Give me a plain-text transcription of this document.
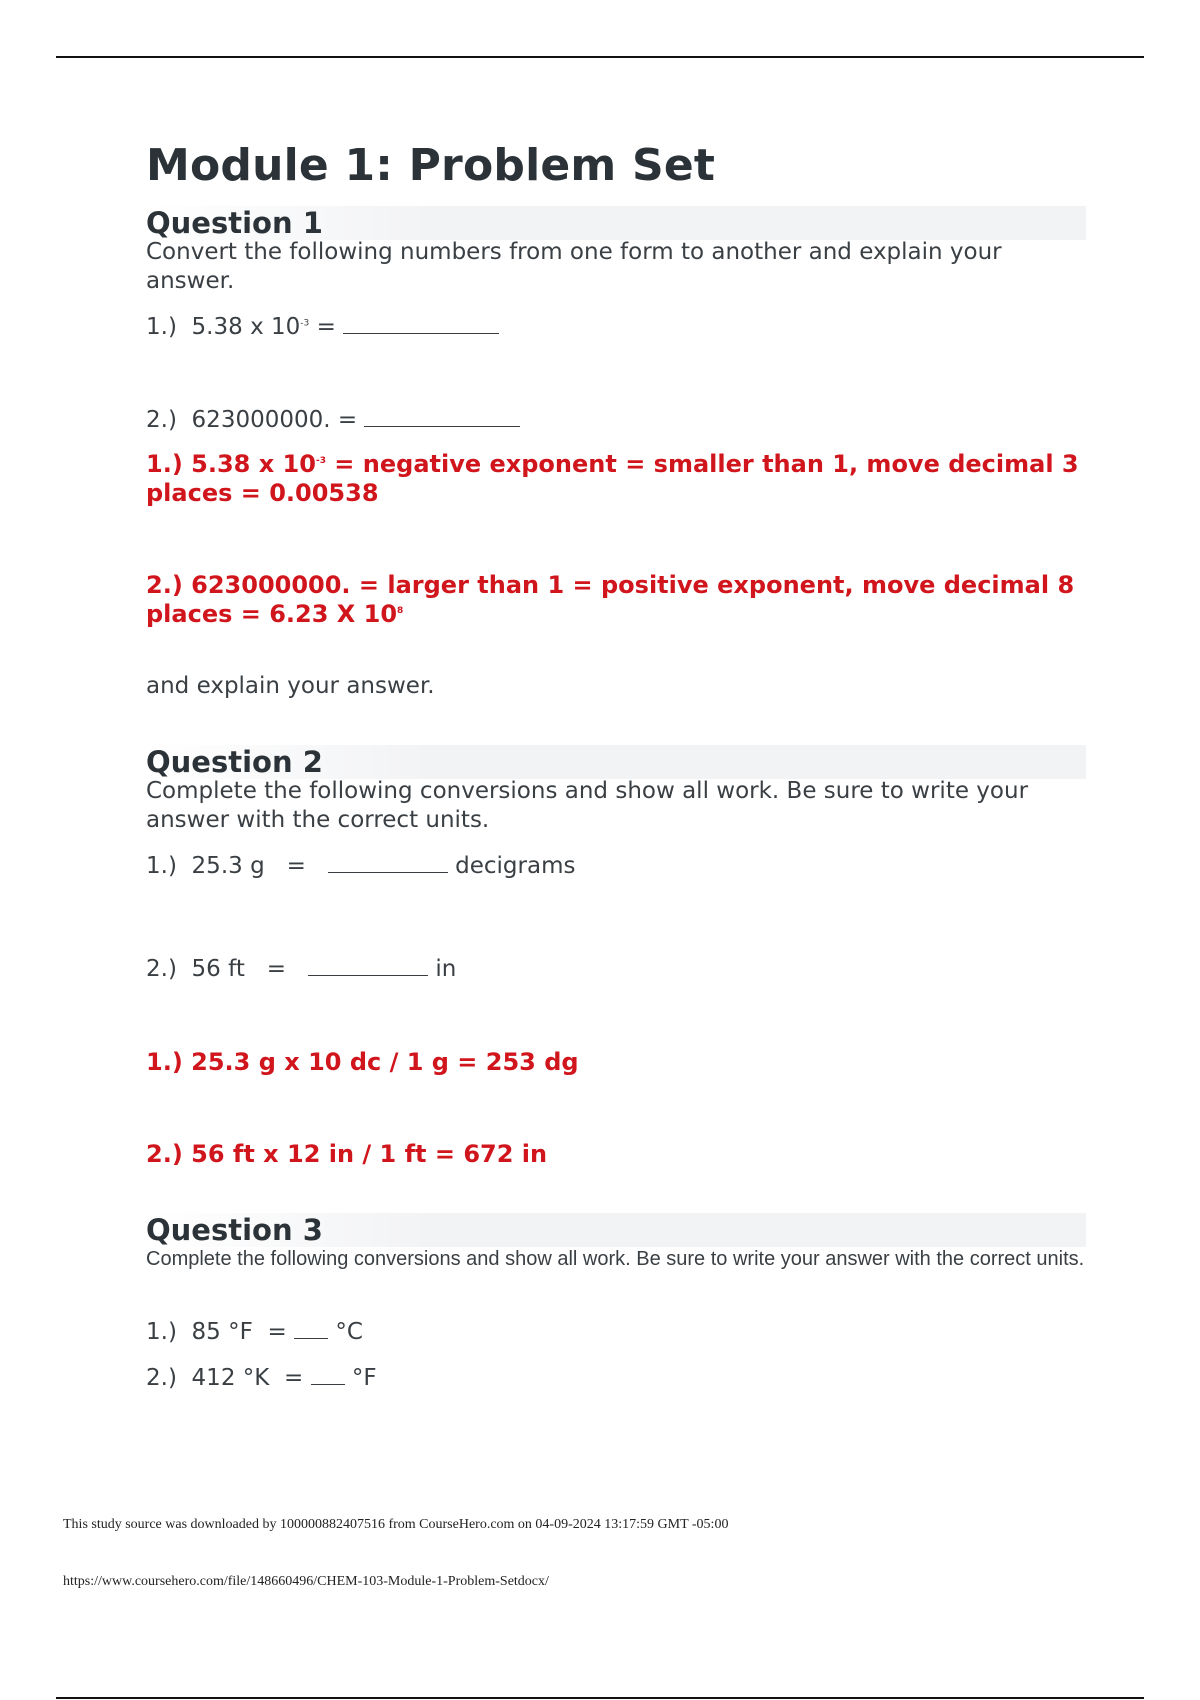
Module 1: Problem Set
Question 1
Convert the following numbers from one form to another and explain your answer.
1.) 5.38 x $10^{-3}$ =
2.) 623000000. =
1.) 5.38 x $10^{-3}$ = negative exponent = smaller than 1, move decimal 3 places = 0.00538
2.) 623000000. = larger than 1 = positive exponent, move decimal 8 places = 6.23 X $10^8$
and explain your answer.
Question 2
Complete the following conversions and show all work. Be sure to write your answer with the correct units.
1.) 25.3 g =	decigrams
2.) 56 ft =	in
1.) 25.3 g x 10 dc / 1 g = 253 dg
2.) 56 ft x 12 in / 1 ft = 672 in
Question 3
Complete the following conversions and show all work. Be sure to write your answer with the correct units.
1.) 85 °F = °C
2.) 412 °K = °F
This study source was downloaded by 100000882407516 from CourseHero.com on 04-09-2024 13:17:59 GMT -05:00
https://www.coursehero.com/file/148660496/CHEM-103-Module-1-Problem-Setdocx/
